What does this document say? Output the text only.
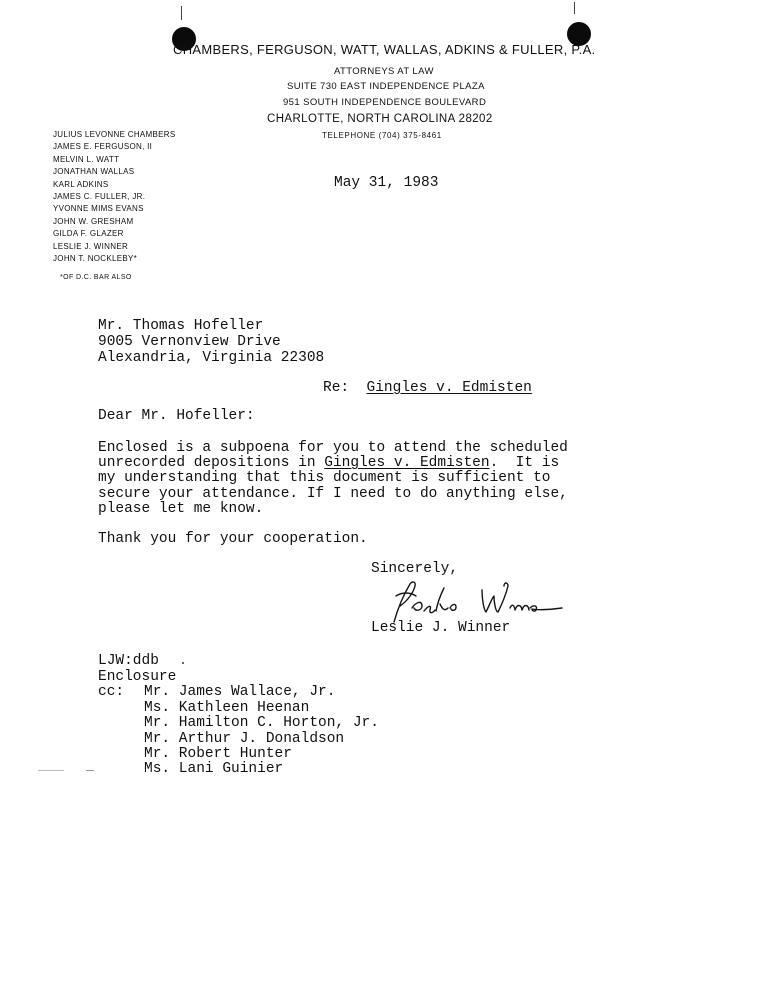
CHAMBERS, FERGUSON, WATT, WALLAS, ADKINS & FULLER, P.A.
ATTORNEYS AT LAW
SUITE 730 EAST INDEPENDENCE PLAZA
951 SOUTH INDEPENDENCE BOULEVARD
CHARLOTTE, NORTH CAROLINA 28202
TELEPHONE (704) 375-8461
JULIUS LEVONNE CHAMBERS
JAMES E. FERGUSON, II
MELVIN L. WATT
JONATHAN WALLAS
KARL ADKINS
JAMES C. FULLER, JR.
YVONNE MIMS EVANS
JOHN W. GRESHAM
GILDA F. GLAZER
LESLIE J. WINNER
JOHN T. NOCKLEBY*
*OF D.C. BAR ALSO
May 31, 1983
Mr. Thomas Hofeller
9005 Vernonview Drive
Alexandria, Virginia 22308
Re: Gingles v. Edmisten
Dear Mr. Hofeller:
Enclosed is a subpoena for you to attend the scheduled
unrecorded depositions in Gingles v. Edmisten.  It is
my understanding that this document is sufficient to
secure your attendance. If I need to do anything else,
please let me know.
Thank you for your cooperation.
Sincerely,
Leslie J. Winner
LJW:ddb
Enclosure
cc: Mr. James Wallace, Jr.
Ms. Kathleen Heenan
Mr. Hamilton C. Horton, Jr.
Mr. Arthur J. Donaldson
Mr. Robert Hunter
Ms. Lani Guinier
